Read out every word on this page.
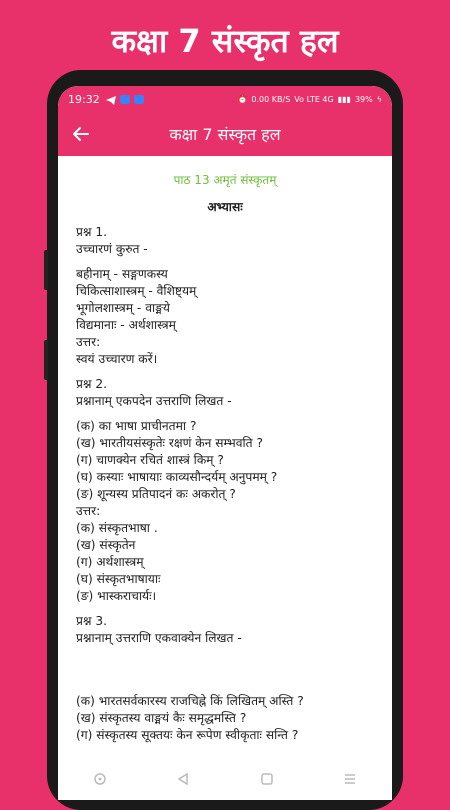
कक्षा 7 संस्कृत हल
19:32	⏰ 0.00 KB/S Vo LTE 4G ▮▮▮ 39% ϟ
कक्षा 7 संस्कृत हल
पाठ 13 अमृतं संस्कृतम्
अभ्यासः
प्रश्न 1.
उच्चारणं कुरुत -
बहीनाम् - सङ्गणकस्य
चिकित्साशास्त्रम् - वैशिष्ट्यम्
भूगोलशास्त्रम् - वाङ्मये
विद्यमानाः - अर्थशास्त्रम्
उत्तर:
स्वयं उच्चारण करें।
प्रश्न 2.
प्रश्नानाम् एकपदेन उत्तराणि लिखत -
(क) का भाषा प्राचीनतमा ?
(ख) भारतीयसंस्कृतेः रक्षणं केन सम्भवति ?
(ग) चाणक्येन रचितं शास्त्रं किम् ?
(घ) कस्याः भाषायाः काव्यसौन्दर्यम् अनुपमम् ?
(ङ) शून्यस्य प्रतिपादनं कः अकरोत् ?
उत्तर:
(क) संस्कृतभाषा .
(ख) संस्कृतेन
(ग) अर्थशास्त्रम्
(घ) संस्कृतभाषायाः
(ङ) भास्कराचार्यः।
प्रश्न 3.
प्रश्नानाम् उत्तराणि एकवाक्येन लिखत -
(क) भारतसर्वकारस्य राजचिह्ने किं लिखितम् अस्ति ?
(ख) संस्कृतस्य वाङ्मयं कैः समृद्धमस्ति ?
(ग) संस्कृतस्य सूक्तयः केन रूपेण स्वीकृताः सन्ति ?
